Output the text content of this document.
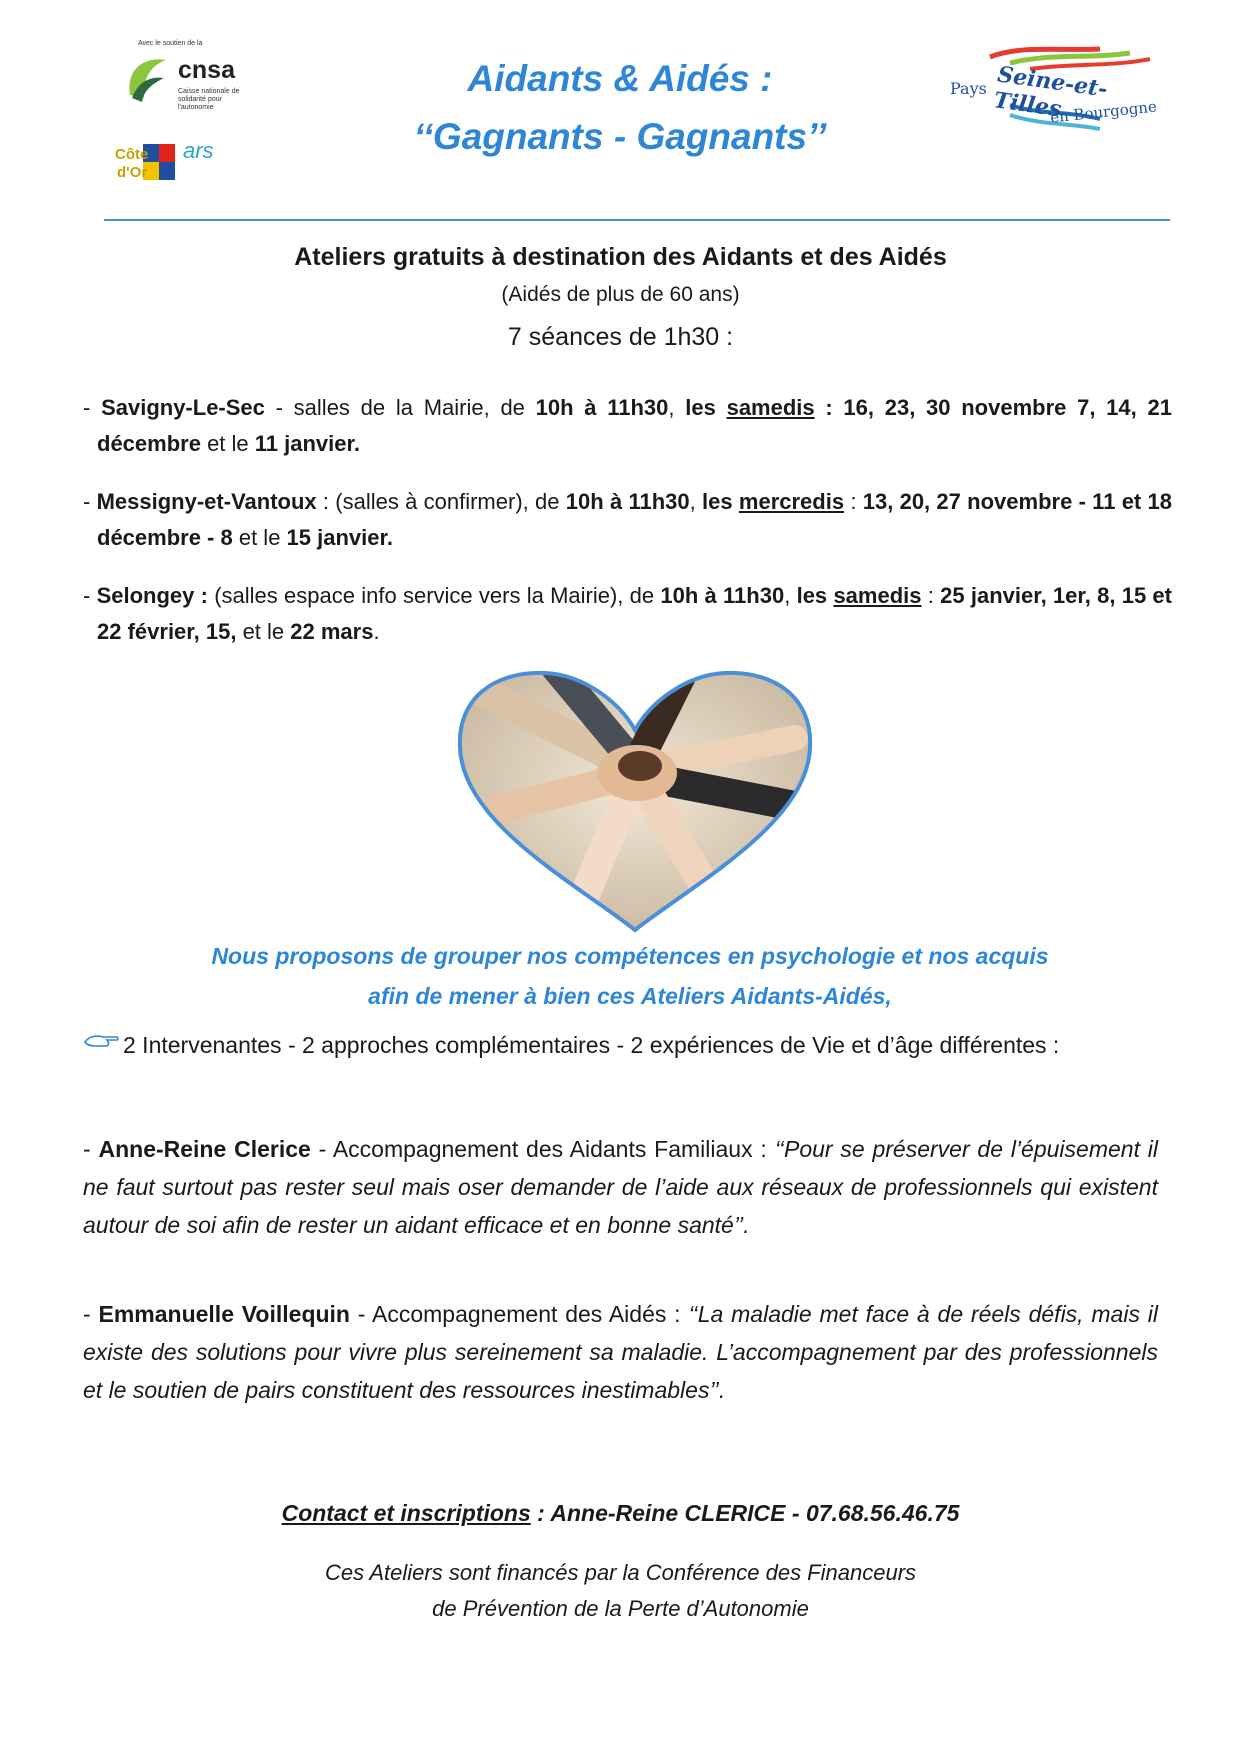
Avec le soutien de la
cnsa
Caisse nationale de solidarité pour l'autonomie
Côte
d'Or
ars
Pays Seine-et-Tilles
en Bourgogne
Aidants & Aidés :
‘‘Gagnants - Gagnants’’
Ateliers gratuits à destination des Aidants et des Aidés
(Aidés de plus de 60 ans)
7 séances de 1h30 :
- Savigny-Le-Sec - salles de la Mairie, de 10h à 11h30, les samedis : 16, 23, 30 novembre 7, 14, 21 décembre et le 11 janvier.
- Messigny-et-Vantoux : (salles à confirmer), de 10h à 11h30, les mercredis : 13, 20, 27 novembre - 11 et 18 décembre - 8 et le 15 janvier.
- Selongey : (salles espace info service vers la Mairie), de 10h à 11h30, les samedis : 25 janvier, 1er, 8, 15 et 22 février, 15, et le 22 mars.
Nous proposons de grouper nos compétences en psychologie et nos acquis
afin de mener à bien ces Ateliers Aidants-Aidés,
2 Intervenantes - 2 approches complémentaires - 2 expériences de Vie et d’âge différentes :
- Anne-Reine Clerice - Accompagnement des Aidants Familiaux : ‘‘Pour se préserver de l’épuisement il ne faut surtout pas rester seul mais oser demander de l’aide aux réseaux de professionnels qui existent autour de soi afin de rester un aidant efficace et en bonne santé’’.
- Emmanuelle Voillequin - Accompagnement des Aidés : ‘‘La maladie met face à de réels défis, mais il existe des solutions pour vivre plus sereinement sa maladie. L’accompagnement par des professionnels et le soutien de pairs constituent des ressources inestimables’’.
Contact et inscriptions : Anne-Reine CLERICE - 07.68.56.46.75
Ces Ateliers sont financés par la Conférence des Financeurs
de Prévention de la Perte d’Autonomie
